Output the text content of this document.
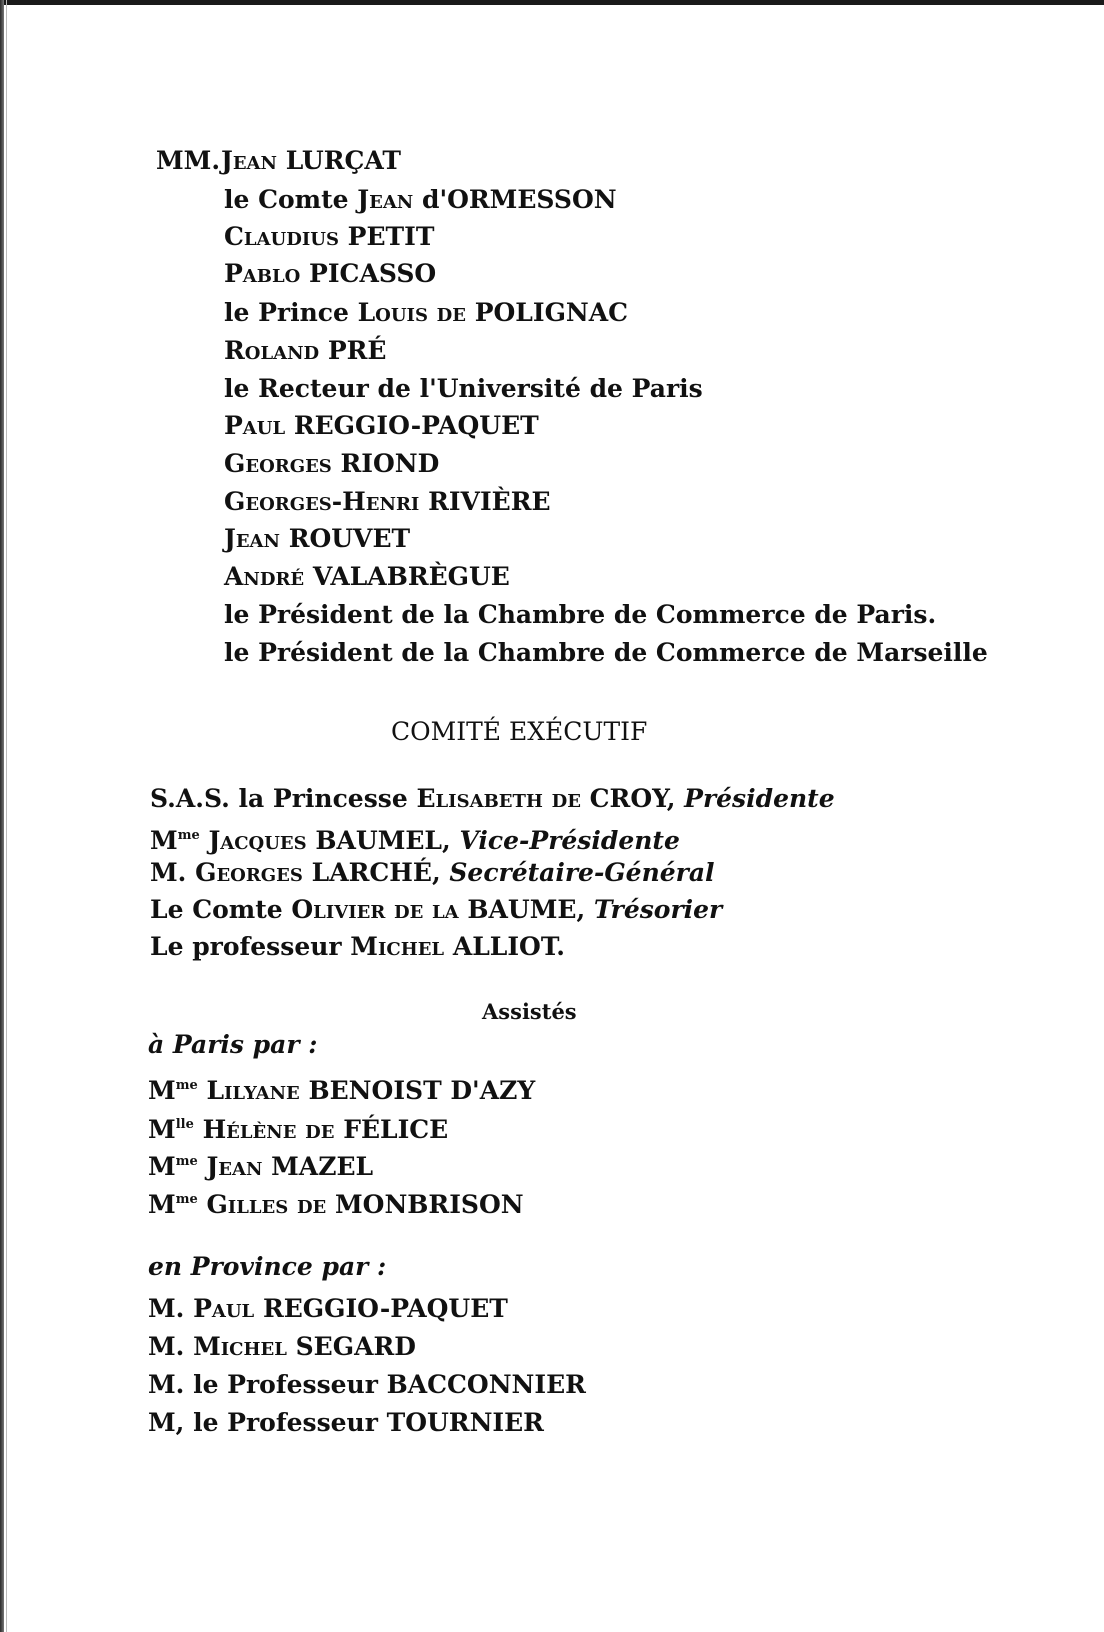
MM. Jean LURÇAT
le Comte Jean d'ORMESSON
Claudius PETIT
Pablo PICASSO
le Prince Louis de POLIGNAC
Roland PRÉ
le Recteur de l'Université de Paris
Paul REGGIO-PAQUET
Georges RIOND
Georges-Henri RIVIÈRE
Jean ROUVET
André VALABRÈGUE
le Président de la Chambre de Commerce de Paris.
le Président de la Chambre de Commerce de Marseille
COMITÉ EXÉCUTIF
S.A.S. la Princesse Elisabeth de CROY, Présidente
$M^{me}$ Jacques BAUMEL, Vice-Présidente
M. Georges LARCHÉ, Secrétaire-Général
Le Comte Olivier de la BAUME, Trésorier
Le professeur Michel ALLIOT.
Assistés
à Paris par :
$M^{me}$ Lilyane BENOIST D'AZY
$M^{lle}$ Hélène de FÉLICE
$M^{me}$ Jean MAZEL
$M^{me}$ Gilles de MONBRISON
en Province par :
M. Paul REGGIO-PAQUET
M. Michel SEGARD
M. le Professeur BACCONNIER
M, le Professeur TOURNIER
